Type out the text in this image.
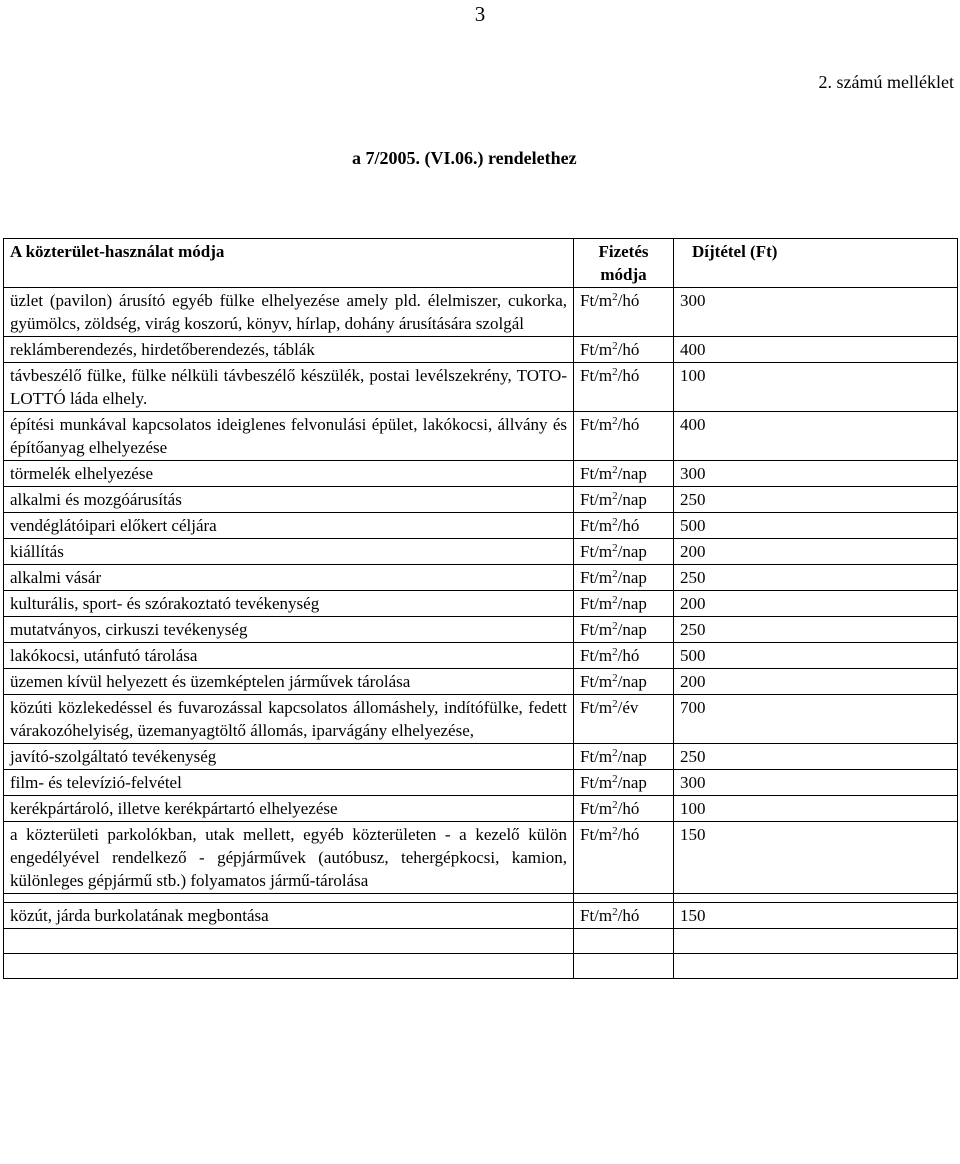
3
2. számú melléklet
a 7/2005. (VI.06.) rendelethez
A közterület-használat módja	Fizetés módja	Díjtétel (Ft)
üzlet (pavilon) árusító egyéb fülke elhelyezése amely pld. élelmiszer, cukorka, gyümölcs, zöldség, virág koszorú, könyv, hírlap, dohány árusítására szolgál	$Ft/m^2/hó$	300
reklámberendezés, hirdetőberendezés, táblák	$Ft/m^2/hó$	400
távbeszélő fülke, fülke nélküli távbeszélő készülék, postai levélszekrény, TOTO-LOTTÓ láda elhely.	$Ft/m^2/hó$	100
építési munkával kapcsolatos ideiglenes felvonulási épület, lakókocsi, állvány és építőanyag elhelyezése	$Ft/m^2/hó$	400
törmelék elhelyezése	$Ft/m^2$/nap	300
alkalmi és mozgóárusítás	$Ft/m^2$/nap	250
vendéglátóipari előkert céljára	$Ft/m^2/hó$	500
kiállítás	$Ft/m^2$/nap	200
alkalmi vásár	$Ft/m^2$/nap	250
kulturális, sport- és szórakoztató tevékenység	$Ft/m^2$/nap	200
mutatványos, cirkuszi tevékenység	$Ft/m^2$/nap	250
lakókocsi, utánfutó tárolása	$Ft/m^2/hó$	500
üzemen kívül helyezett és üzemképtelen járművek tárolása	$Ft/m^2$/nap	200
közúti közlekedéssel és fuvarozással kapcsolatos állomáshely, indítófülke, fedett várakozóhelyiség, üzemanyagtöltő állomás, iparvágány elhelyezése,	$Ft/m^2/év$	700
javító-szolgáltató tevékenység	$Ft/m^2$/nap	250
film- és televízió-felvétel	$Ft/m^2$/nap	300
kerékpártároló, illetve kerékpártartó elhelyezése	$Ft/m^2/hó$	100
a közterületi parkolókban, utak mellett, egyéb közterületen - a kezelő külön engedélyével rendelkező - gépjárművek (autóbusz, tehergépkocsi, kamion, különleges gépjármű stb.) folyamatos jármű-tárolása	$Ft/m^2/hó$	150

közút, járda burkolatának megbontása	$Ft/m^2/hó$	150
